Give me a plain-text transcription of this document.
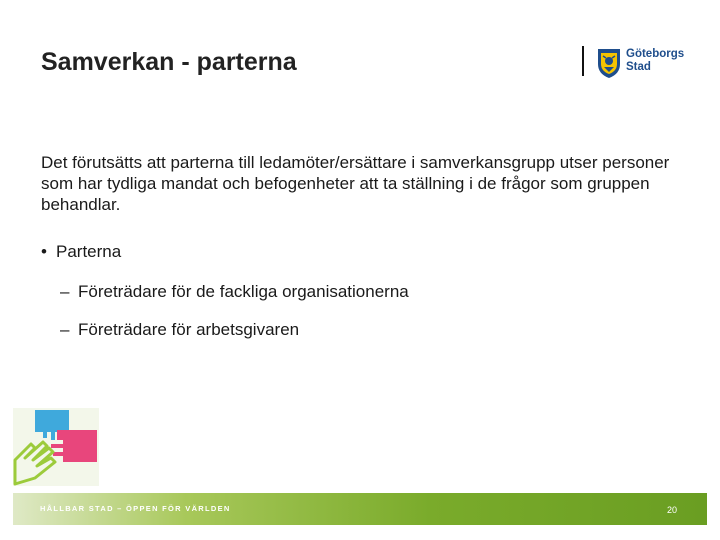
Samverkan - parterna	Göteborgs
Stad
Det förutsätts att parterna till ledamöter/ersättare i samverkansgrupp utser personer som har tydliga mandat och befogenheter att ta ställning i de frågor som gruppen behandlar.
• Parterna
– Företrädare för de fackliga organisationerna
– Företrädare för arbetsgivaren
HÅLLBAR STAD – ÖPPEN FÖR VÄRLDEN	20
